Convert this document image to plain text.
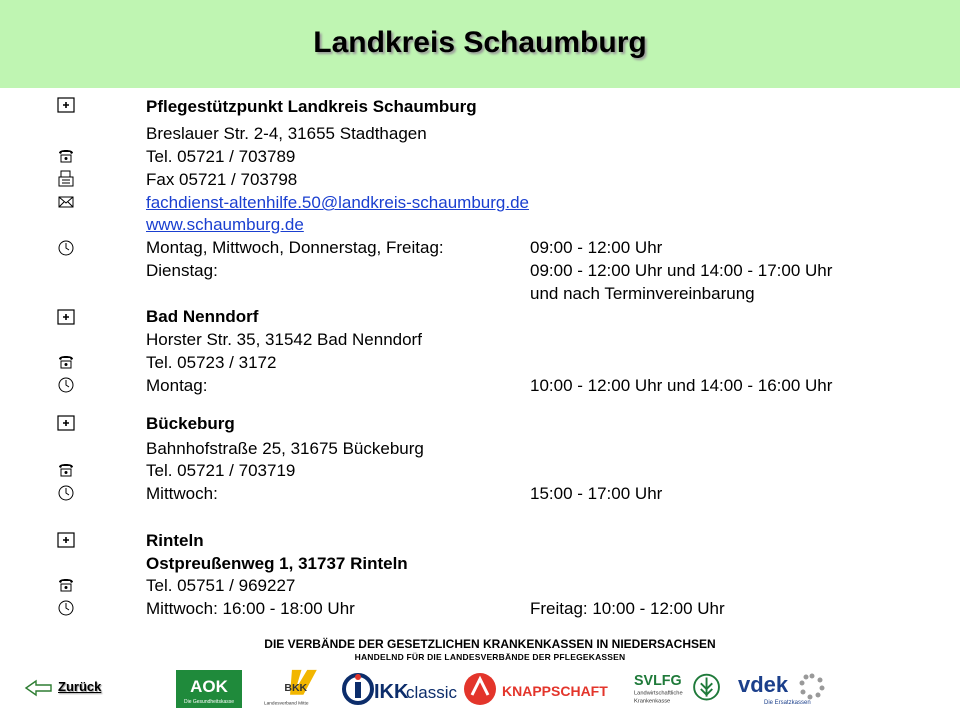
Landkreis Schaumburg
Pflegestützpunkt Landkreis Schaumburg
Breslauer Str. 2-4, 31655 Stadthagen
Tel. 05721 / 703789
Fax 05721 / 703798
fachdienst-altenhilfe.50@landkreis-schaumburg.de
www.schaumburg.de
Montag, Mittwoch, Donnerstag, Freitag:	09:00 - 12:00 Uhr
Dienstag:	09:00 - 12:00 Uhr und 14:00 - 17:00 Uhr
und nach Terminvereinbarung
Bad Nenndorf
Horster Str. 35, 31542 Bad Nenndorf
Tel. 05723 / 3172
Montag:	10:00 - 12:00 Uhr und 14:00 - 16:00 Uhr
Bückeburg
Bahnhofstraße 25, 31675 Bückeburg
Tel. 05721 / 703719
Mittwoch:	15:00 - 17:00 Uhr
Rinteln
Ostpreußenweg 1, 31737 Rinteln
Tel. 05751 / 969227
Mittwoch: 16:00 - 18:00 Uhr	Freitag: 10:00 - 12:00 Uhr
DIE VERBÄNDE DER GESETZLICHEN KRANKENKASSEN IN NIEDERSACHSEN
HANDELND FÜR DIE LANDESVERBÄNDE DER PFLEGEKASSEN
Zurück	AOK
Die Gesundheitskasse
BKK
Landesverband Mitte
IKK
classic	KNAPPSCHAFT
SVLFG
Landwirtschaftliche
Krankenkasse
vdek
Die Ersatzkassen
